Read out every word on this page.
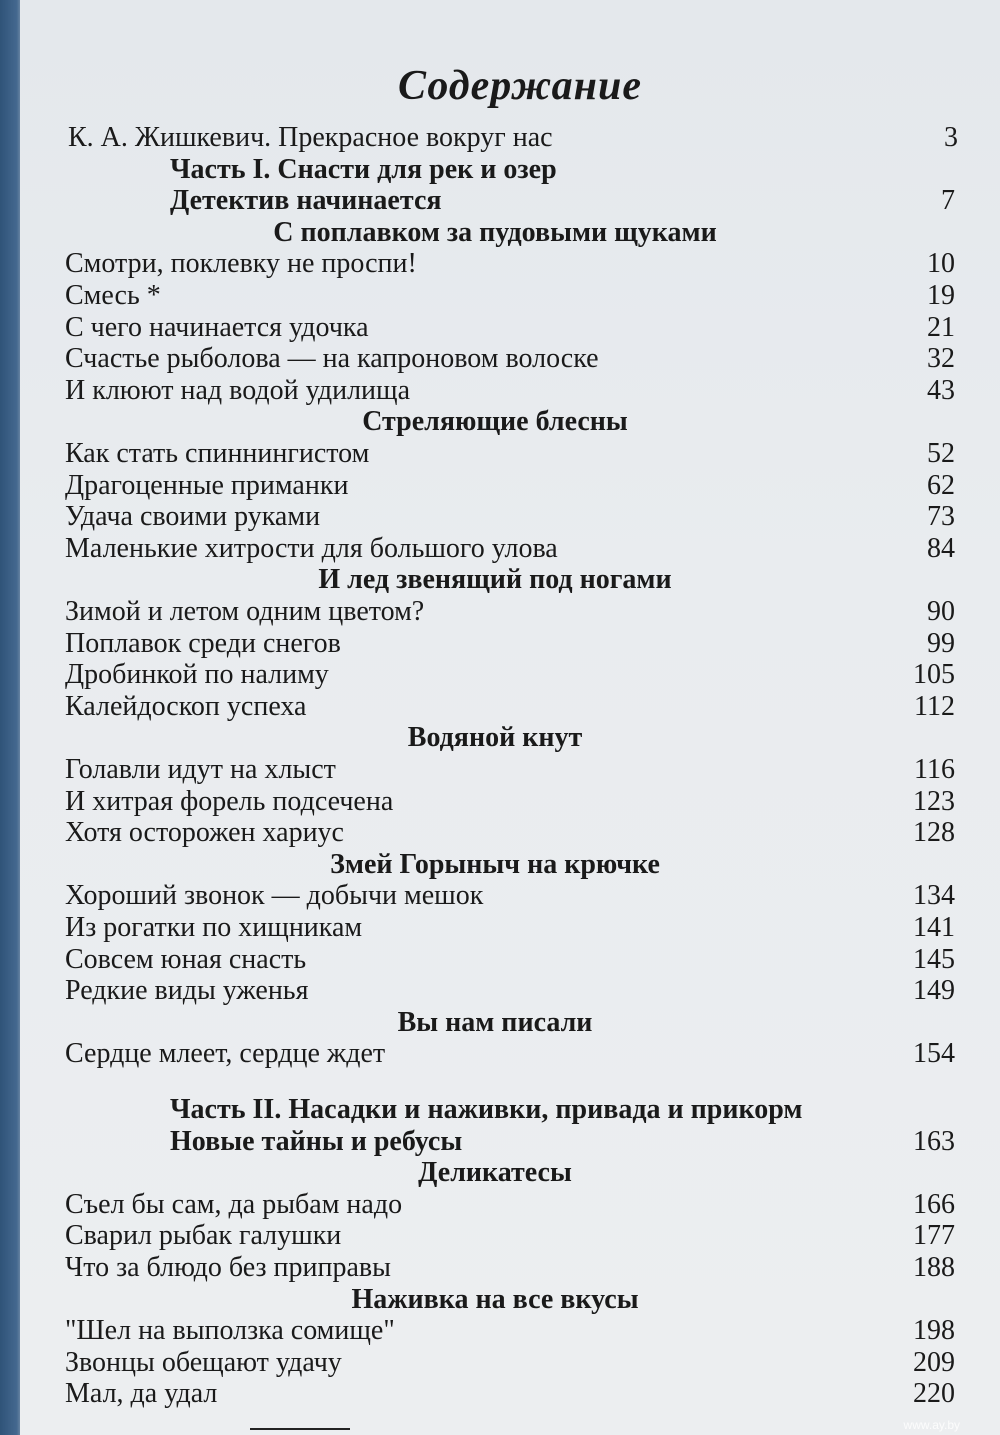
Содержание
К. А. Жишкевич. Прекрасное вокруг нас	3
Часть I. Снасти для рек и озер
Детектив начинается	7
С поплавком за пудовыми щуками
Смотри, поклевку не проспи!	10
Смесь *	19
С чего начинается удочка	21
Счастье рыболова — на капроновом волоске	32
И клюют над водой удилища	43
Стреляющие блесны
Как стать спиннингистом	52
Драгоценные приманки	62
Удача своими руками	73
Маленькие хитрости для большого улова	84
И лед звенящий под ногами
Зимой и летом одним цветом?	90
Поплавок среди снегов	99
Дробинкой по налиму	105
Калейдоскоп успеха	112
Водяной кнут
Голавли идут на хлыст	116
И хитрая форель подсечена	123
Хотя осторожен хариус	128
Змей Горыныч на крючке
Хороший звонок — добычи мешок	134
Из рогатки по хищникам	141
Совсем юная снасть	145
Редкие виды уженья	149
Вы нам писали
Сердце млеет, сердце ждет	154
Часть II. Насадки и наживки, привада и прикорм
Новые тайны и ребусы	163
Деликатесы
Съел бы сам, да рыбам надо	166
Сварил рыбак галушки	177
Что за блюдо без приправы	188
Наживка на все вкусы
"Шел на выползка сомище"	198
Звонцы обещают удачу	209
Мал, да удал	220
www.ay.by
